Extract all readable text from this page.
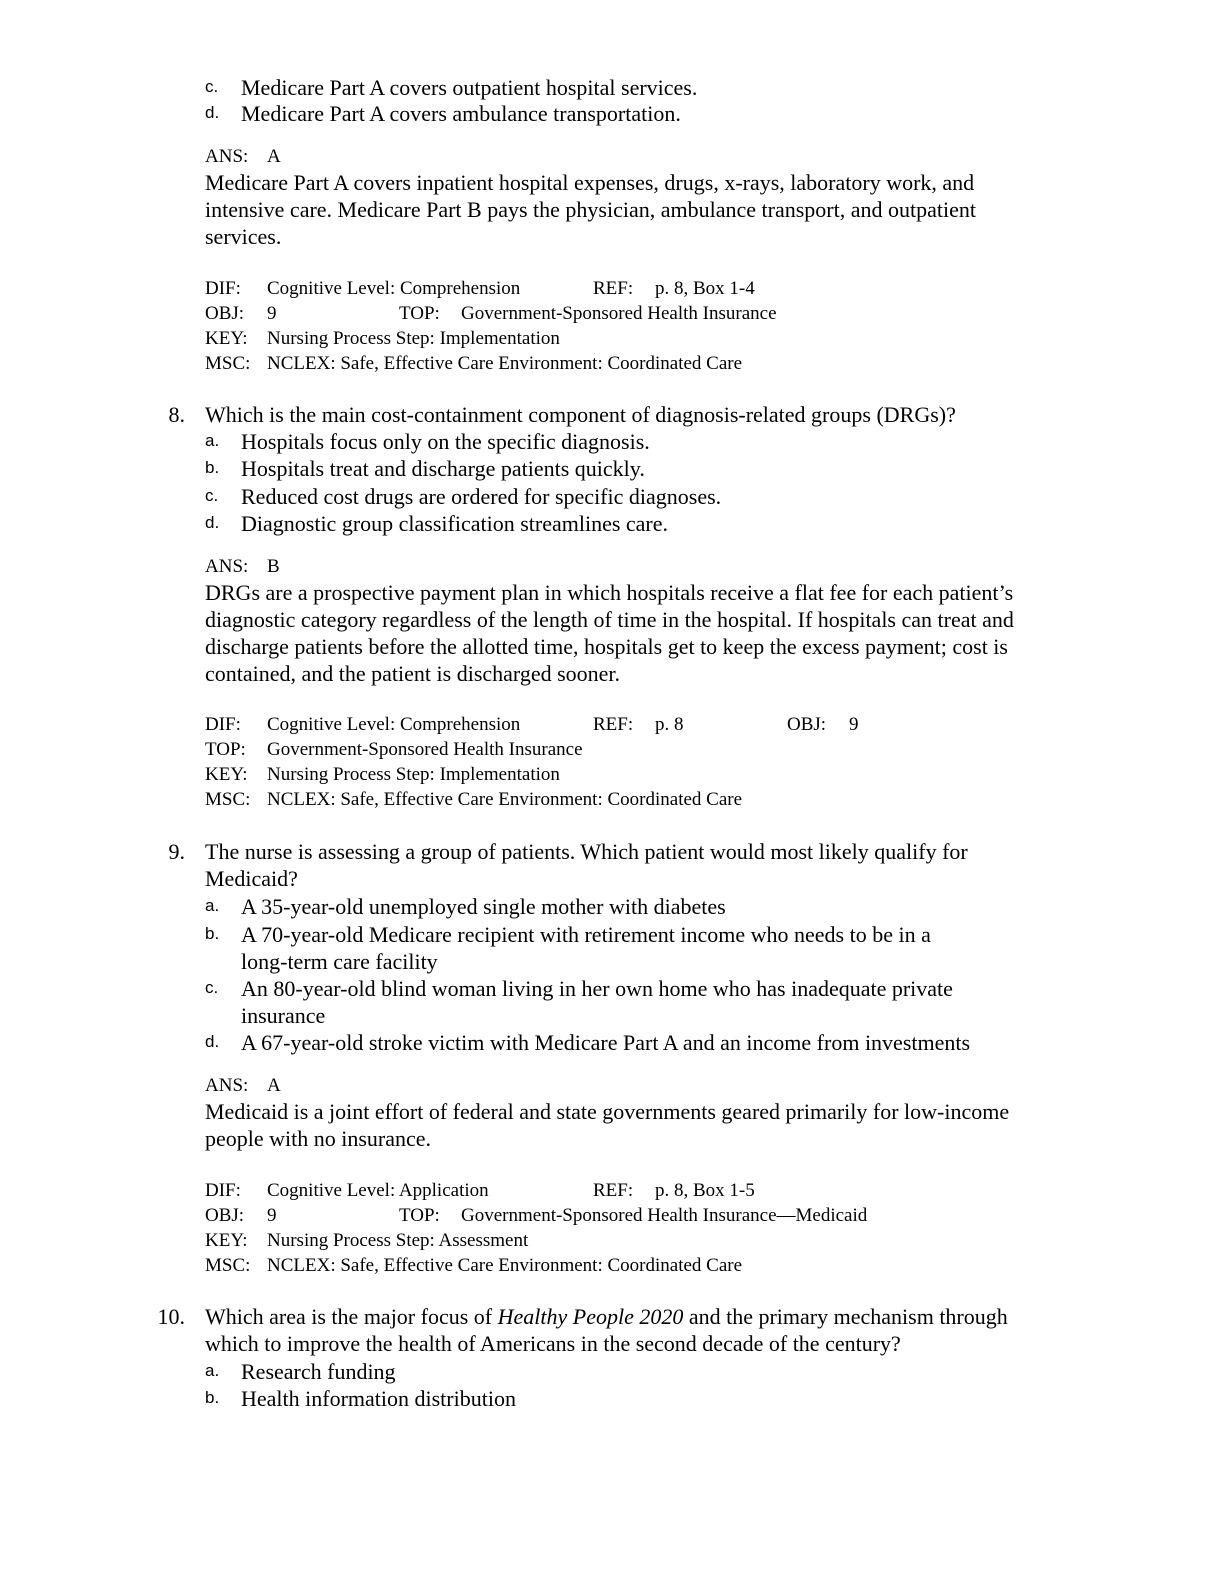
c. Medicare Part A covers outpatient hospital services.
d. Medicare Part A covers ambulance transportation.
ANS: A
Medicare Part A covers inpatient hospital expenses, drugs, x-rays, laboratory work, and
intensive care. Medicare Part B pays the physician, ambulance transport, and outpatient
services.
DIF: Cognitive Level: Comprehension	REF: p. 8, Box 1-4
OBJ: 9	TOP: Government-Sponsored Health Insurance
KEY: Nursing Process Step: Implementation
MSC: NCLEX: Safe, Effective Care Environment: Coordinated Care
8. Which is the main cost-containment component of diagnosis-related groups (DRGs)?
a. Hospitals focus only on the specific diagnosis.
b. Hospitals treat and discharge patients quickly.
c. Reduced cost drugs are ordered for specific diagnoses.
d. Diagnostic group classification streamlines care.
ANS: B
DRGs are a prospective payment plan in which hospitals receive a flat fee for each patient’s
diagnostic category regardless of the length of time in the hospital. If hospitals can treat and
discharge patients before the allotted time, hospitals get to keep the excess payment; cost is
contained, and the patient is discharged sooner.
DIF: Cognitive Level: Comprehension	REF: p. 8	OBJ: 9
TOP: Government-Sponsored Health Insurance
KEY: Nursing Process Step: Implementation
MSC: NCLEX: Safe, Effective Care Environment: Coordinated Care
9. The nurse is assessing a group of patients. Which patient would most likely qualify for
Medicaid?
a. A 35-year-old unemployed single mother with diabetes
b. A 70-year-old Medicare recipient with retirement income who needs to be in a
long-term care facility
c. An 80-year-old blind woman living in her own home who has inadequate private
insurance
d. A 67-year-old stroke victim with Medicare Part A and an income from investments
ANS: A
Medicaid is a joint effort of federal and state governments geared primarily for low-income
people with no insurance.
DIF: Cognitive Level: Application	REF: p. 8, Box 1-5
OBJ: 9	TOP: Government-Sponsored Health Insurance—Medicaid
KEY: Nursing Process Step: Assessment
MSC: NCLEX: Safe, Effective Care Environment: Coordinated Care
10. Which area is the major focus of Healthy People 2020 and the primary mechanism through
which to improve the health of Americans in the second decade of the century?
a. Research funding
b. Health information distribution
